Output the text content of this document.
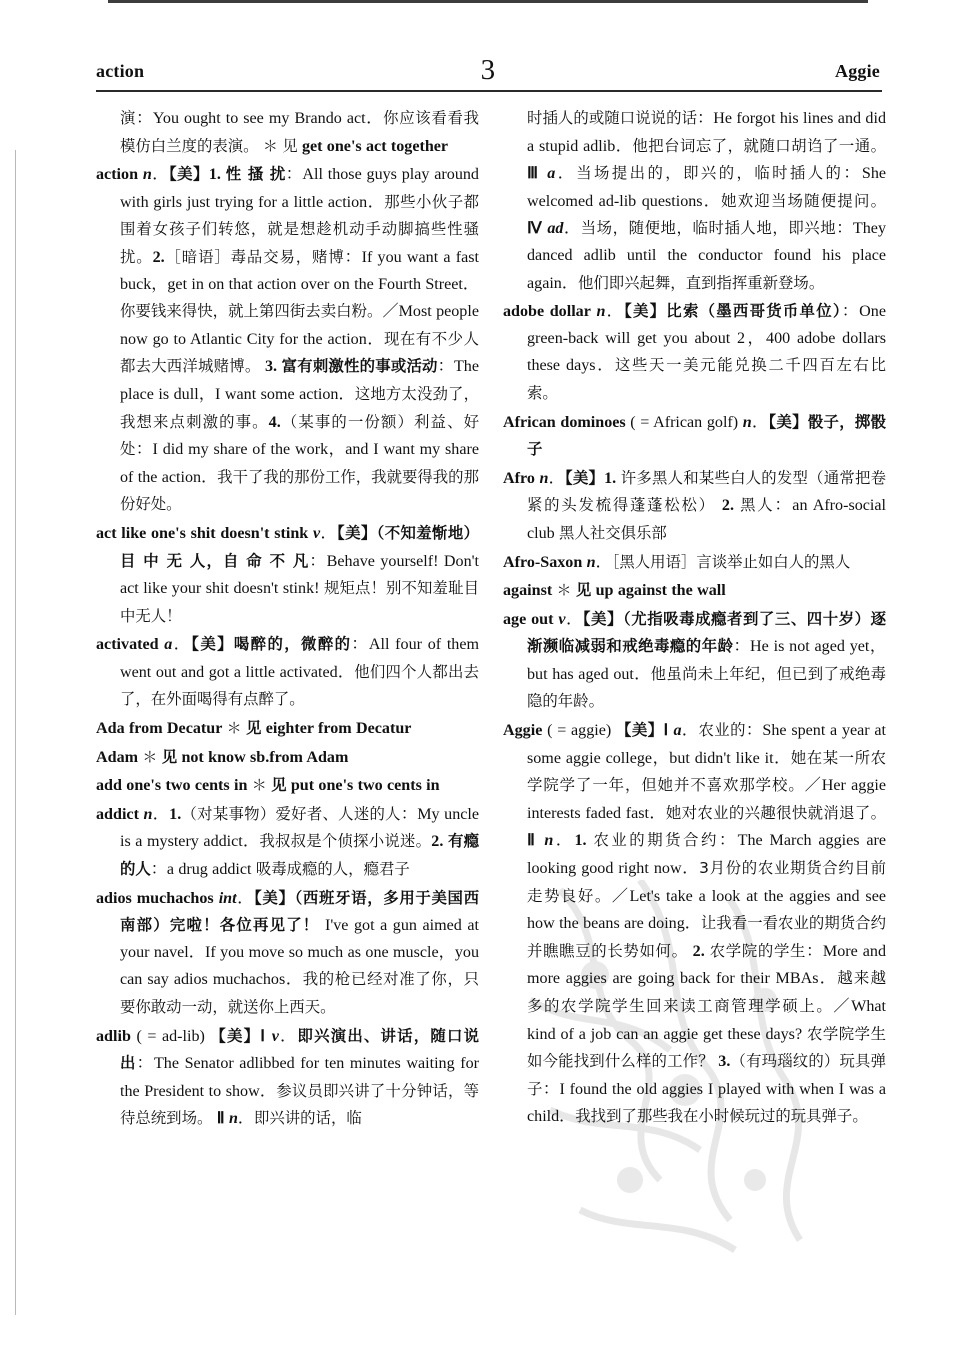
action	3	Aggie

演：You ought to see my Brando act．你应该看看我模仿白兰度的表演。 ＊ 见 get one's act together

action n．【美】1. 性 搔 扰：All those guys play around with girls just trying for a little action．那些小伙子都围着女孩子们转悠，就是想趁机动手动脚搞些性骚扰。2.［暗语］毒品交易，赌博：If you want a fast buck，get in on that action over on the Fourth Street．你要钱来得快，就上第四街去卖白粉。／Most people now go to Atlantic City for the action．现在有不少人都去大西洋城赌博。 3. 富有刺激性的事或活动：The place is dull，I want some action．这地方太没劲了，我想来点刺激的事。4.（某事的一份额）利益、好处：I did my share of the work，and I want my share of the action．我干了我的那份工作，我就要得我的那份好处。

act like one's shit doesn't stink v．【美】（不知羞惭地）目 中 无 人，自 命 不 凡：Behave yourself! Don't act like your shit doesn't stink! 规矩点！别不知羞耻目中无人！

activated a．【美】喝醉的，微醉的：All four of them went out and got a little activated．他们四个人都出去了，在外面喝得有点醉了。

Ada from Decatur ＊ 见 eighter from Decatur

Adam ＊ 见 not know sb.from Adam

add one's two cents in ＊ 见 put one's two cents in

addict n．1.（对某事物）爱好者、人迷的人：My uncle is a mystery addict．我叔叔是个侦探小说迷。2. 有瘾的人：a drug addict 吸毒成瘾的人，瘾君子

adios muchachos int．【美】（西班牙语，多用于美国西南部）完啦！各位再见了！ I've got a gun aimed at your navel．If you move so much as one muscle，you can say adios muchachos．我的枪已经对准了你，只要你敢动一动，就送你上西天。

adlib ( = ad-lib) 【美】Ⅰ v．即兴演出、讲话，随口说出：The Senator adlibbed for ten minutes waiting for the President to show．参议员即兴讲了十分钟话，等待总统到场。 Ⅱ n．即兴讲的话，临

时插人的或随口说说的话：He forgot his lines and did a stupid adlib．他把台词忘了，就随口胡诌了一通。 Ⅲ a．当场提出的，即兴的，临时插人的：She welcomed ad-lib questions．她欢迎当场随便提问。 Ⅳ ad．当场，随便地，临时插人地，即兴地：They danced adlib until the conductor found his place again．他们即兴起舞，直到指挥重新登场。

adobe dollar n．【美】比索（墨西哥货币单位）：One green-back will get you about 2，400 adobe dollars these days．这些天一美元能兑换二千四百左右比索。

African dominoes ( = African golf) n．【美】骰子，掷骰子

Afro n．【美】1. 许多黑人和某些白人的发型（通常把卷紧的头发梳得蓬蓬松松） 2. 黑人：an Afro-social club 黑人社交俱乐部

Afro-Saxon n．［黑人用语］言谈举止如白人的黑人

against ＊ 见 up against the wall

age out v．【美】（尤指吸毒成瘾者到了三、四十岁）逐渐濒临减弱和戒绝毒瘾的年龄：He is not aged yet，but has aged out．他虽尚未上年纪，但已到了戒绝毒隐的年龄。

Aggie ( = aggie) 【美】Ⅰ a．农业的：She spent a year at some aggie college，but didn't like it．她在某一所农学院学了一年，但她并不喜欢那学校。／Her aggie interests faded fast．她对农业的兴趣很快就消退了。 Ⅱ n．1. 农业的期货合约：The March aggies are looking good right now．3月份的农业期货合约目前走势良好。／Let's take a look at the aggies and see how the beans are doing．让我看一看农业的期货合约并瞧瞧豆的长势如何。 2. 农学院的学生：More and more aggies are going back for their MBAs．越来越多的农学院学生回来读工商管理学硕上。／What kind of a job can an aggie get these days? 农学院学生如今能找到什么样的工作？ 3.（有玛瑙纹的）玩具弹子：I found the old aggies I played with when I was a child．我找到了那些我在小时候玩过的玩具弹子。
